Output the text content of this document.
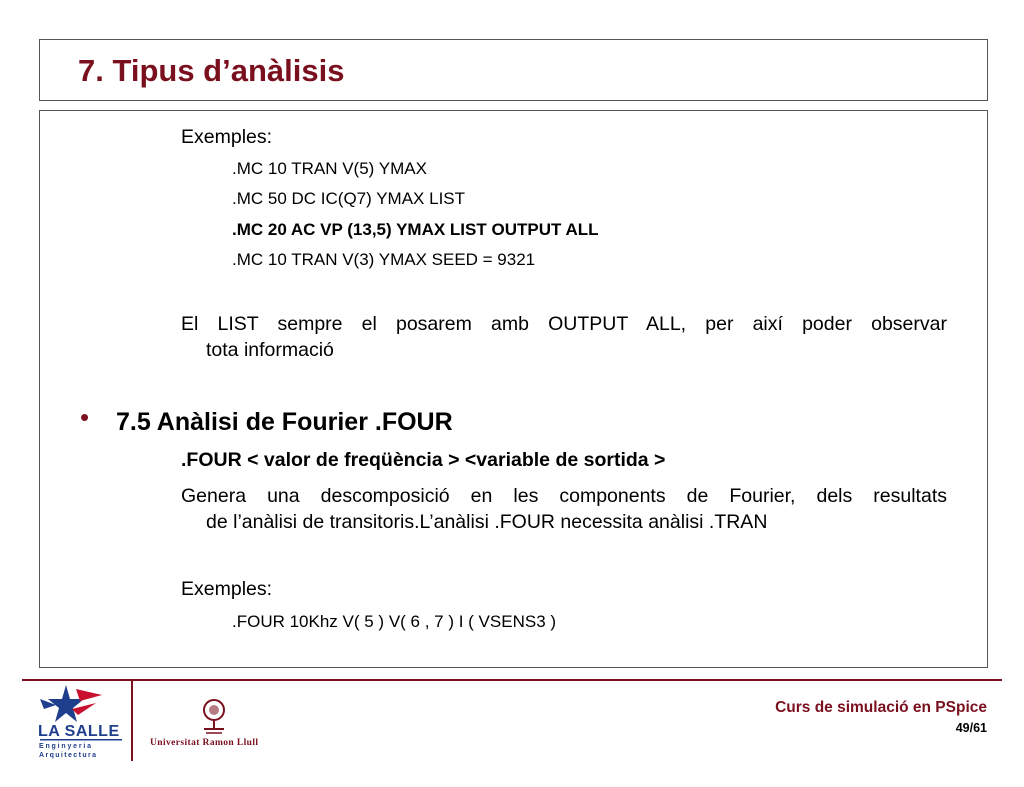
7. Tipus d’anàlisis
Exemples:
.MC 10 TRAN V(5) YMAX
.MC 50 DC IC(Q7) YMAX LIST
.MC 20 AC VP (13,5) YMAX LIST OUTPUT ALL
.MC 10 TRAN V(3) YMAX SEED = 9321
El LIST sempre el posarem amb OUTPUT ALL, per així poder observar
tota informació
• 7.5 Anàlisi de Fourier .FOUR
.FOUR < valor de freqüència > <variable de sortida >
Genera una descomposició en les components de Fourier, dels resultats
de l’anàlisi de transitoris.L’anàlisi .FOUR necessita anàlisi .TRAN
Exemples:
.FOUR 10Khz V( 5 ) V( 6 , 7 ) I ( VSENS3 )
LA SALLE
Enginyeria
Arquitectura
Universitat Ramon Llull
Curs de simulació en PSpice
49/61
